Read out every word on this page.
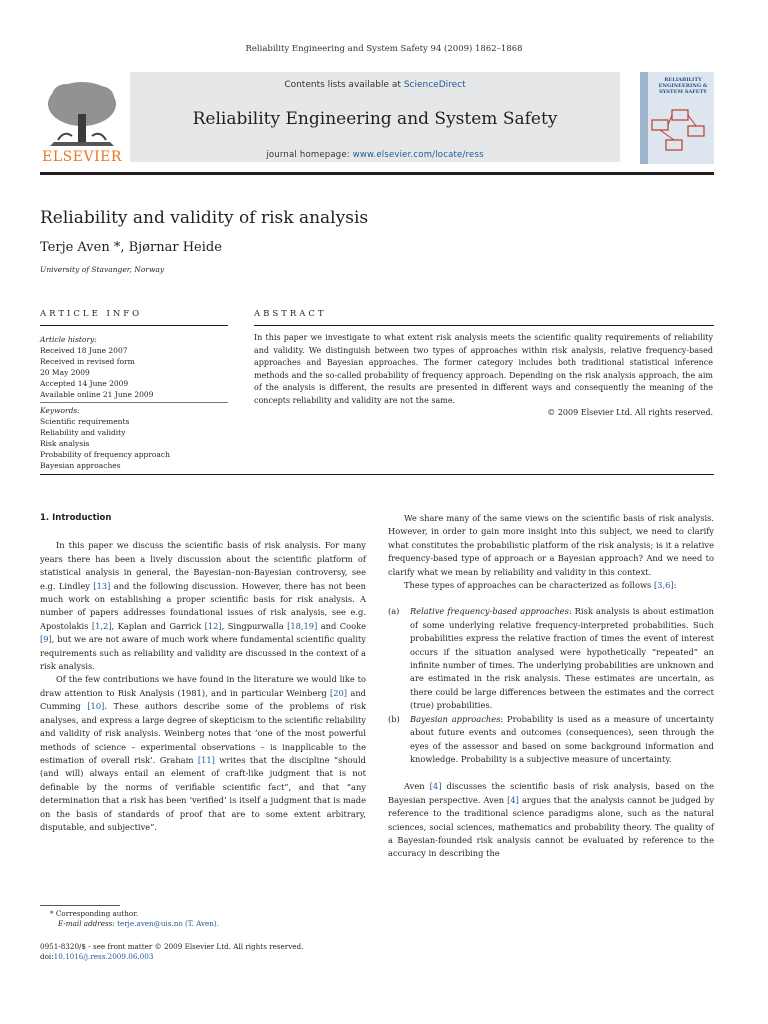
Reliability Engineering and System Safety 94 (2009) 1862–1868
ELSEVIER
Contents lists available at ScienceDirect
Reliability Engineering and System Safety
journal homepage: www.elsevier.com/locate/ress
RELIABILITY ENGINEERING & SYSTEM SAFETY
Reliability and validity of risk analysis
Terje Aven *, Bjørnar Heide
University of Stavanger, Norway
ARTICLE INFO
Article history:
Received 18 June 2007
Received in revised form
20 May 2009
Accepted 14 June 2009
Available online 21 June 2009
Keywords:
Scientific requirements
Reliability and validity
Risk analysis
Probability of frequency approach
Bayesian approaches
ABSTRACT
In this paper we investigate to what extent risk analysis meets the scientific quality requirements of reliability and validity. We distinguish between two types of approaches within risk analysis, relative frequency-based approaches and Bayesian approaches. The former category includes both traditional statistical inference methods and the so-called probability of frequency approach. Depending on the risk analysis approach, the aim of the analysis is different, the results are presented in different ways and consequently the meaning of the concepts reliability and validity are not the same.
© 2009 Elsevier Ltd. All rights reserved.
1. Introduction

In this paper we discuss the scientific basis of risk analysis. For many years there has been a lively discussion about the scientific platform of statistical analysis in general, the Bayesian–non-Bayesian controversy, see e.g. Lindley [13] and the following discussion. However, there has not been much work on establishing a proper scientific basis for risk analysis. A number of papers addresses foundational issues of risk analysis, see e.g. Apostolakis [1,2], Kaplan and Garrick [12], Singpurwalla [18,19] and Cooke [9], but we are not aware of much work where fundamental scientific quality requirements such as reliability and validity are discussed in the context of a risk analysis.

Of the few contributions we have found in the literature we would like to draw attention to Risk Analysis (1981), and in particular Weinberg [20] and Cumming [10]. These authors describe some of the problems of risk analyses, and express a large degree of skepticism to the scientific reliability and validity of risk analysis. Weinberg notes that ‘one of the most powerful methods of science – experimental observations – is inapplicable to the estimation of overall risk’. Graham [11] writes that the discipline “should (and will) always entail an element of craft-like judgment that is not definable by the norms of verifiable scientific fact”, and that “any determination that a risk has been ‘verified’ is itself a judgment that is made on the basis of standards of proof that are to some extent arbitrary, disputable, and subjective”.

* Corresponding author.
E-mail address: terje.aven@uis.no (T. Aven).
0951-8320/$ - see front matter © 2009 Elsevier Ltd. All rights reserved.
doi:10.1016/j.ress.2009.06.003

We share many of the same views on the scientific basis of risk analysis. However, in order to gain more insight into this subject, we need to clarify what constitutes the probabilistic platform of the risk analysis; is it a relative frequency-based type of approach or a Bayesian approach? And we need to clarify what we mean by reliability and validity in this context.

These types of approaches can be characterized as follows [3,6]:

(a) Relative frequency-based approaches: Risk analysis is about estimation of some underlying relative frequency-interpreted probabilities. Such probabilities express the relative fraction of times the event of interest occurs if the situation analysed were hypothetically “repeated” an infinite number of times. The underlying probabilities are unknown and are estimated in the risk analysis. These estimates are uncertain, as there could be large differences between the estimates and the correct (true) probabilities.
(b) Bayesian approaches: Probability is used as a measure of uncertainty about future events and outcomes (consequences), seen through the eyes of the assessor and based on some background information and knowledge. Probability is a subjective measure of uncertainty.

Aven [4] discusses the scientific basis of risk analysis, based on the Bayesian perspective. Aven [4] argues that the analysis cannot be judged by reference to the traditional science paradigms alone, such as the natural sciences, social sciences, mathematics and probability theory. The quality of a Bayesian-founded risk analysis cannot be evaluated by reference to the accuracy in describing the
